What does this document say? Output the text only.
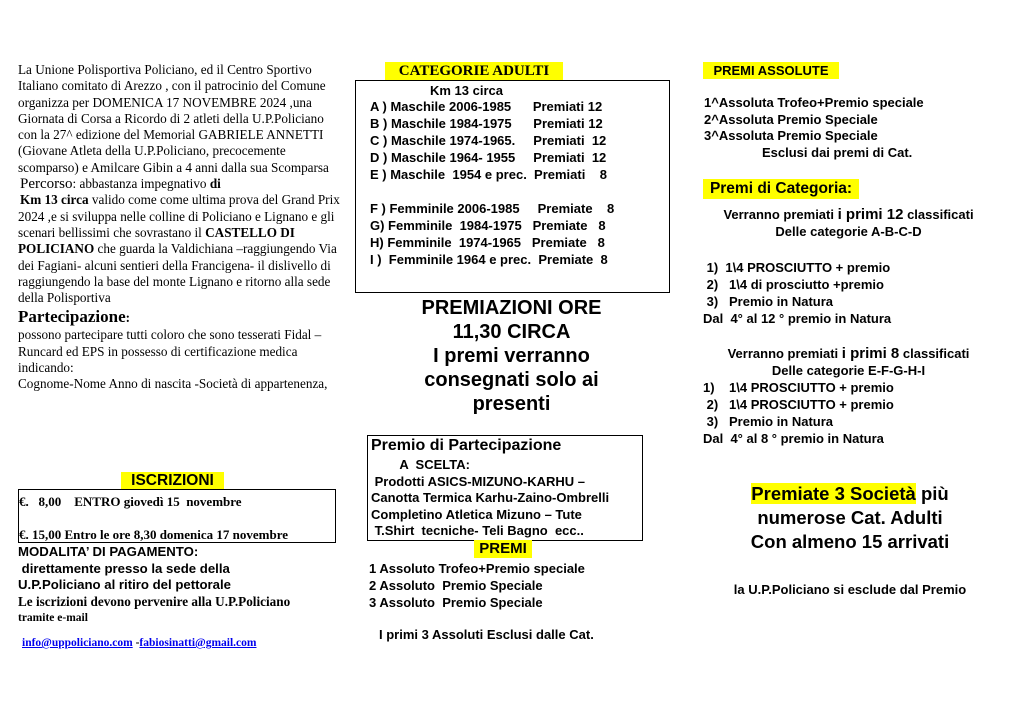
La Unione Polisportiva Policiano, ed il Centro Sportivo Italiano comitato di Arezzo , con il patrocinio del Comune organizza per DOMENICA 17 NOVEMBRE 2024 ,una Giornata di Corsa a Ricordo di 2 atleti della U.P.Policiano con la 27^ edizione del Memorial GABRIELE ANNETTI (Giovane Atleta della U.P.Policiano, precocemente scomparso) e Amilcare Gibin a 4 anni dalla sua Scomparsa

Percorso: abbastanza impegnativo di
Km 13 circa valido come come ultima prova del Grand Prix 2024 ,e si sviluppa nelle colline di Policiano e Lignano e gli scenari bellissimi che sovrastano il CASTELLO DI POLICIANO che guarda la Valdichiana –raggiungendo Via dei Fagiani- alcuni sentieri della Francigena- il dislivello di raggiungendo la base del monte Lignano e ritorno alla sede della Polisportiva

Partecipazione:

possono partecipare tutti coloro che sono tesserati Fidal –Runcard ed EPS in possesso di certificazione medica indicando:

Cognome-Nome Anno di nascita -Società di appartenenza,

ISCRIZIONI
€.   8,00    ENTRO giovedì 15  novembre
€. 15,00 Entro le ore 8,30 domenica 17 novembre
MODALITA’ DI PAGAMENTO:
direttamente presso la sede della
U.P.Policiano al ritiro del pettorale
Le iscrizioni devono pervenire alla U.P.Policiano
tramite e-mail
info@uppoliciano.com -fabiosinatti@gmail.com
CATEGORIE ADULTI
Km 13 circa
A ) Maschile 2006-1985      Premiati 12
B ) Maschile 1984-1975      Premiati 12
C ) Maschile 1974-1965.     Premiati  12
D ) Maschile 1964- 1955     Premiati  12
E ) Maschile  1954 e prec.  Premiati    8
F ) Femminile 2006-1985     Premiate    8
G) Femminile  1984-1975   Premiate   8
H) Femminile  1974-1965   Premiate   8
I )  Femminile 1964 e prec.  Premiate  8
PREMIAZIONI ORE
11,30 CIRCA
I premi verranno
consegnati solo ai
presenti
Premio di Partecipazione
A  SCELTA:
Prodotti ASICS-MIZUNO-KARHU –
Canotta Termica Karhu-Zaino-Ombrelli
Completino Atletica Mizuno – Tute
T.Shirt  tecniche- Teli Bagno  ecc..
PREMI
1 Assoluto Trofeo+Premio speciale
2 Assoluto  Premio Speciale
3 Assoluto  Premio Speciale
I primi 3 Assoluti Esclusi dalle Cat.
PREMI ASSOLUTE
1^Assoluta Trofeo+Premio speciale
2^Assoluta Premio Speciale
3^Assoluta Premio Speciale
Esclusi dai premi di Cat.
Premi di Categoria:
Verranno premiati i primi 12 classificati
Delle categorie A-B-C-D
1)  1\4 PROSCIUTTO + premio
2)   1\4 di prosciutto +premio
3)   Premio in Natura
Dal  4° al 12 ° premio in Natura
Verranno premiati i primi 8 classificati
Delle categorie E-F-G-H-I
1)    1\4 PROSCIUTTO + premio
2)   1\4 PROSCIUTTO + premio
3)   Premio in Natura
Dal  4° al 8 ° premio in Natura
Premiate 3 Società più
numerose Cat. Adulti
Con almeno 15 arrivati
la U.P.Policiano si esclude dal Premio
